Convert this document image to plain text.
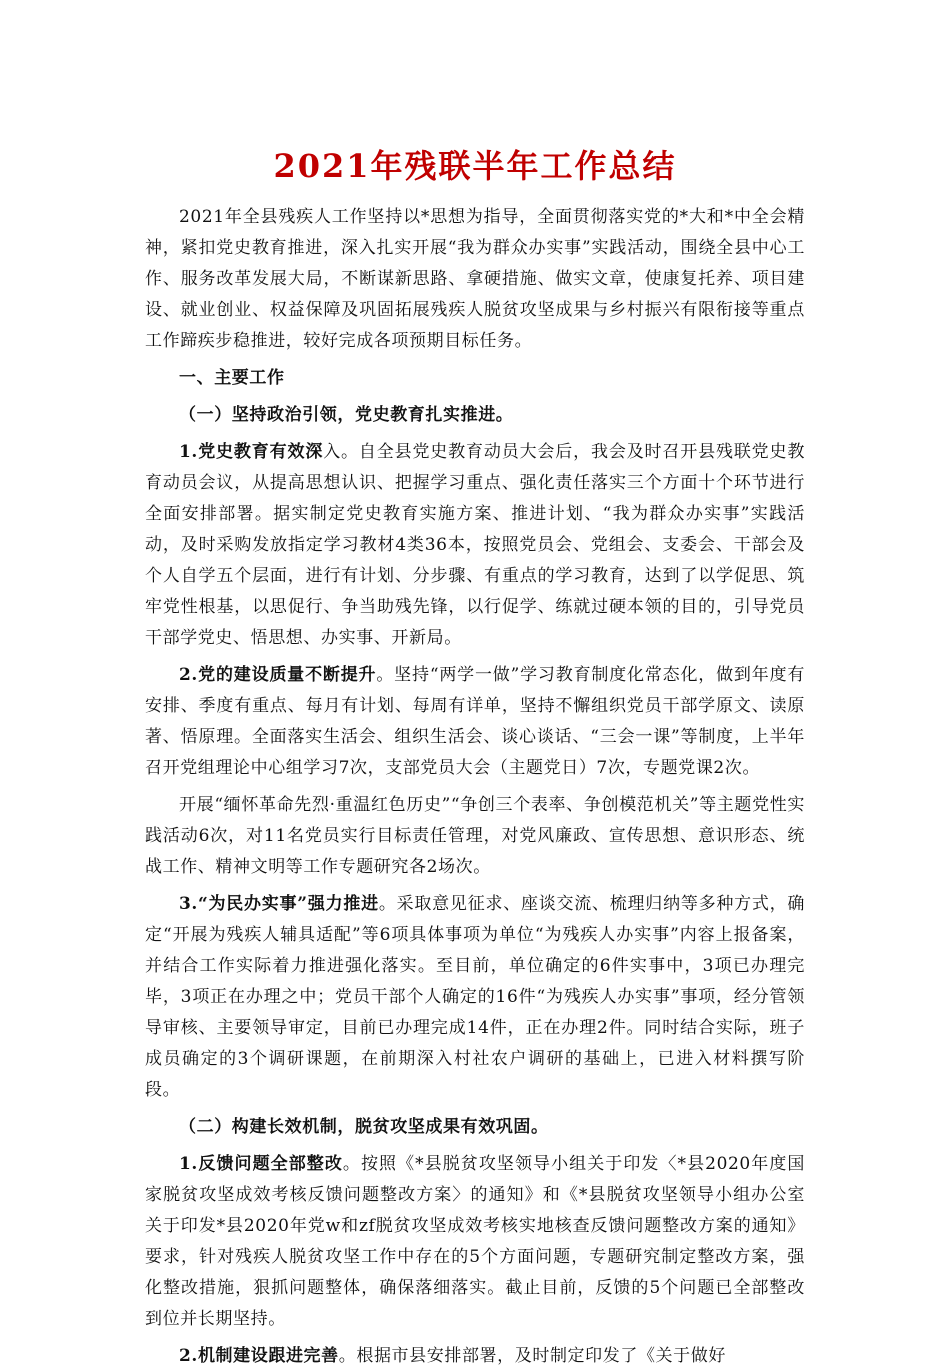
2021年残联半年工作总结

2021年全县残疾人工作坚持以*思想为指导，全面贯彻落实党的*大和*中全会精神，紧扣党史教育推进，深入扎实开展“我为群众办实事”实践活动，围绕全县中心工作、服务改革发展大局，不断谋新思路、拿硬措施、做实文章，使康复托养、项目建设、就业创业、权益保障及巩固拓展残疾人脱贫攻坚成果与乡村振兴有限衔接等重点工作蹄疾步稳推进，较好完成各项预期目标任务。

一、主要工作

（一）坚持政治引领，党史教育扎实推进。

1.党史教育有效深入。自全县党史教育动员大会后，我会及时召开县残联党史教育动员会议，从提高思想认识、把握学习重点、强化责任落实三个方面十个环节进行全面安排部署。据实制定党史教育实施方案、推进计划、“我为群众办实事”实践活动，及时采购发放指定学习教材4类36本，按照党员会、党组会、支委会、干部会及个人自学五个层面，进行有计划、分步骤、有重点的学习教育，达到了以学促思、筑牢党性根基，以思促行、争当助残先锋，以行促学、练就过硬本领的目的，引导党员干部学党史、悟思想、办实事、开新局。

2.党的建设质量不断提升。坚持“两学一做”学习教育制度化常态化，做到年度有安排、季度有重点、每月有计划、每周有详单，坚持不懈组织党员干部学原文、读原著、悟原理。全面落实生活会、组织生活会、谈心谈话、“三会一课”等制度，上半年召开党组理论中心组学习7次，支部党员大会（主题党日）7次，专题党课2次。

开展“缅怀革命先烈·重温红色历史”“争创三个表率、争创模范机关”等主题党性实践活动6次，对11名党员实行目标责任管理，对党风廉政、宣传思想、意识形态、统战工作、精神文明等工作专题研究各2场次。

3.“为民办实事”强力推进。采取意见征求、座谈交流、梳理归纳等多种方式，确定“开展为残疾人辅具适配”等6项具体事项为单位“为残疾人办实事”内容上报备案，并结合工作实际着力推进强化落实。至目前，单位确定的6件实事中，3项已办理完毕，3项正在办理之中；党员干部个人确定的16件“为残疾人办实事”事项，经分管领导审核、主要领导审定，目前已办理完成14件，正在办理2件。同时结合实际，班子成员确定的3个调研课题，在前期深入村社农户调研的基础上，已进入材料撰写阶段。

（二）构建长效机制，脱贫攻坚成果有效巩固。

1.反馈问题全部整改。按照《*县脱贫攻坚领导小组关于印发〈*县2020年度国家脱贫攻坚成效考核反馈问题整改方案〉的通知》和《*县脱贫攻坚领导小组办公室关于印发*县2020年党w和zf脱贫攻坚成效考核实地核查反馈问题整改方案的通知》要求，针对残疾人脱贫攻坚工作中存在的5个方面问题，专题研究制定整改方案，强化整改措施，狠抓问题整体，确保落细落实。截止目前，反馈的5个问题已全部整改到位并长期坚持。

2.机制建设跟进完善。根据市县安排部署，及时制定印发了《关于做好
